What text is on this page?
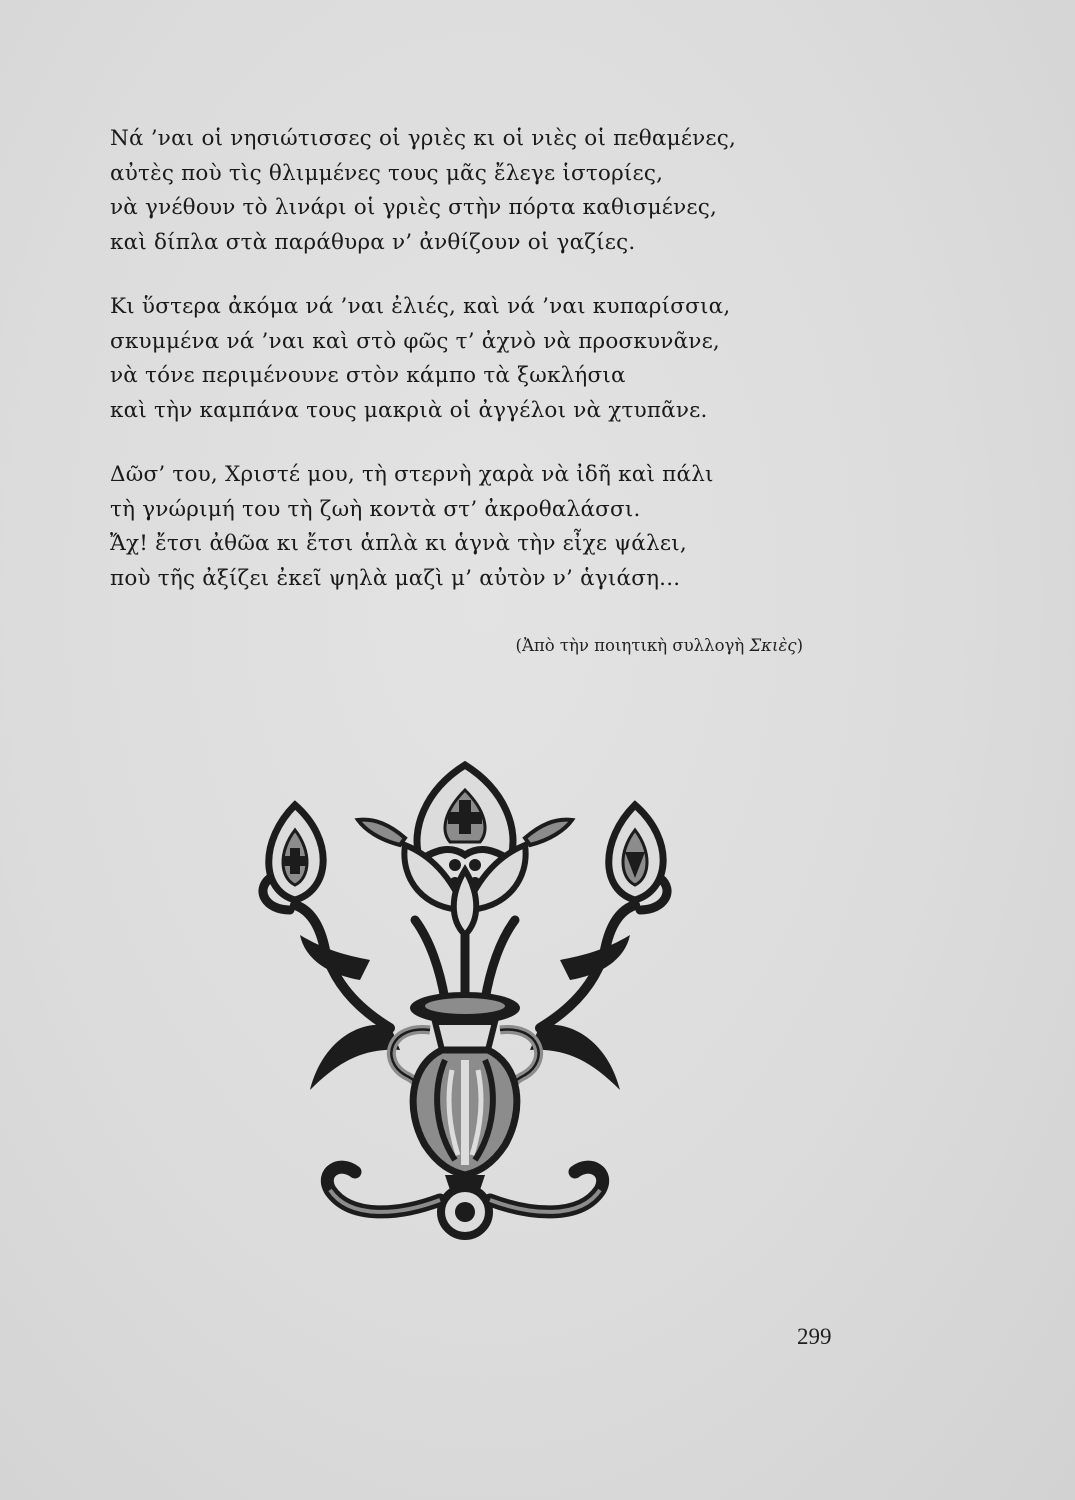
Νά ’ναι οἱ νησιώτισσες οἱ γριὲς κι οἱ νιὲς οἱ πεθαμένες,
αὐτὲς ποὺ τὶς θλιμμένες τους μᾶς ἔλεγε ἱστορίες,
νὰ γνέθουν τὸ λινάρι οἱ γριὲς στὴν πόρτα καθισμένες,
καὶ δίπλα στὰ παράθυρα ν’ ἀνθίζουν οἱ γαζίες.
Κι ὕστερα ἀκόμα νά ’ναι ἐλιές, καὶ νά ’ναι κυπαρίσσια,
σκυμμένα νά ’ναι καὶ στὸ φῶς τ’ ἀχνὸ νὰ προσκυνᾶνε,
νὰ τόνε περιμένουνε στὸν κάμπο τὰ ξωκλήσια
καὶ τὴν καμπάνα τους μακριὰ οἱ ἀγγέλοι νὰ χτυπᾶνε.
Δῶσ’ του, Χριστέ μου, τὴ στερνὴ χαρὰ νὰ ἰδῆ καὶ πάλι
τὴ γνώριμή του τὴ ζωὴ κοντὰ στ’ ἀκροθαλάσσι.
Ἄχ! ἔτσι ἀθῶα κι ἔτσι ἁπλὰ κι ἁγνὰ τὴν εἶχε ψάλει,
ποὺ τῆς ἀξίζει ἐκεῖ ψηλὰ μαζὶ μ’ αὐτὸν ν’ ἁγιάση...
(Ἀπὸ τὴν ποιητικὴ συλλογὴ Σκιὲς)
299
